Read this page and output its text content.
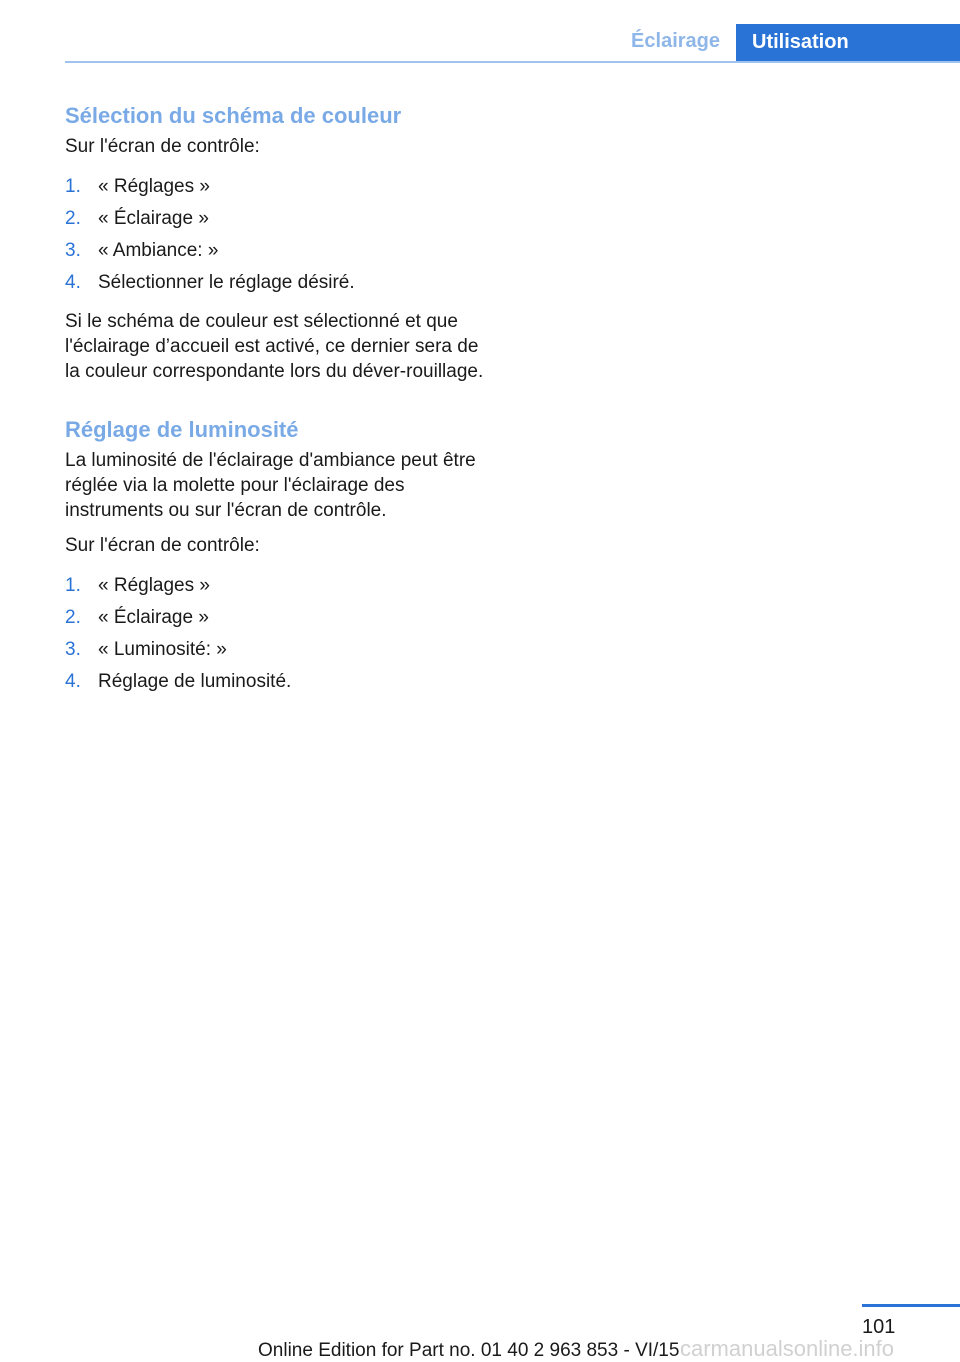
Éclairage	Utilisation
Sélection du schéma de couleur

Sur l'écran de contrôle:

1. « Réglages »
2. « Éclairage »
3. « Ambiance: »
4. Sélectionner le réglage désiré.

Si le schéma de couleur est sélectionné et que l'éclairage d’accueil est activé, ce dernier sera de la couleur correspondante lors du déver-rouillage.

Réglage de luminosité

La luminosité de l'éclairage d'ambiance peut être réglée via la molette pour l'éclairage des instruments ou sur l'écran de contrôle.

Sur l'écran de contrôle:

1. « Réglages »
2. « Éclairage »
3. « Luminosité: »
4. Réglage de luminosité.
101
Online Edition for Part no. 01 40 2 963 853 - VI/15 carmanualsonline.info
